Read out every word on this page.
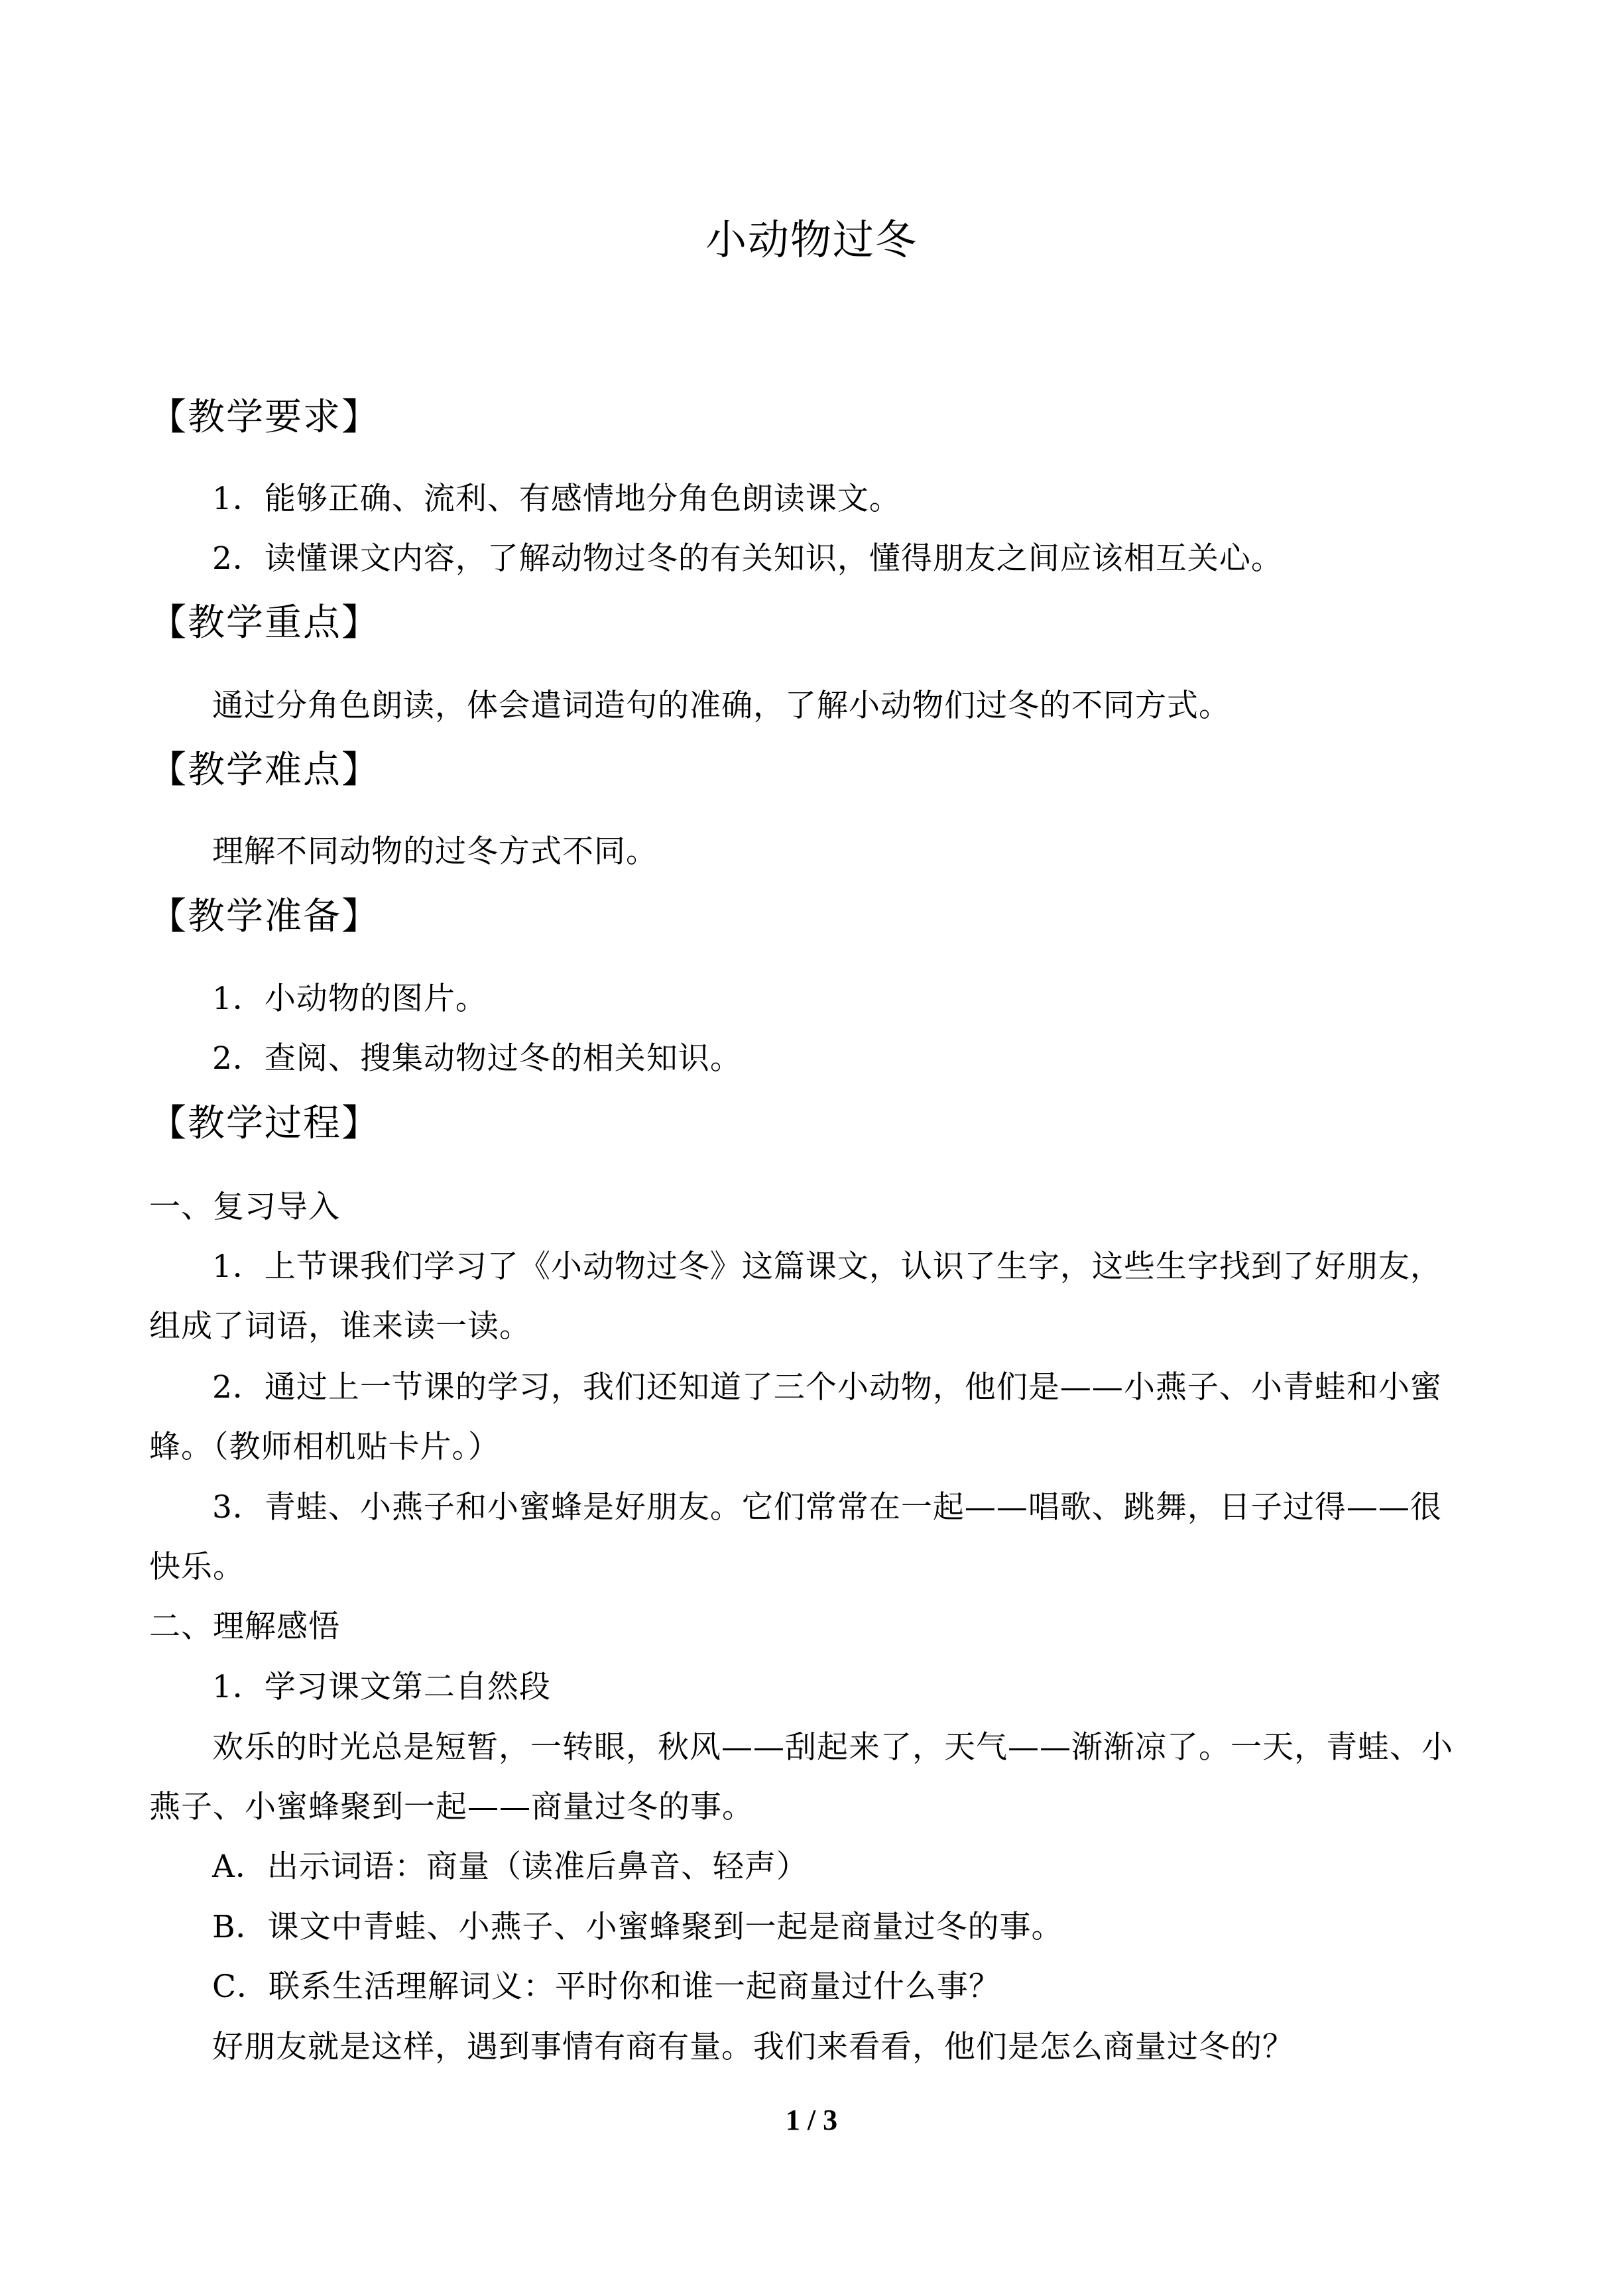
小动物过冬
【教学要求】
1．能够正确、流利、有感情地分角色朗读课文。
2．读懂课文内容，了解动物过冬的有关知识，懂得朋友之间应该相互关心。
【教学重点】
通过分角色朗读，体会遣词造句的准确，了解小动物们过冬的不同方式。
【教学难点】
理解不同动物的过冬方式不同。
【教学准备】
1．小动物的图片。
2．查阅、搜集动物过冬的相关知识。
【教学过程】
一、复习导入
1．上节课我们学习了《小动物过冬》这篇课文，认识了生字，这些生字找到了好朋友，
组成了词语，谁来读一读。
2．通过上一节课的学习，我们还知道了三个小动物，他们是——小燕子、小青蛙和小蜜
蜂。（教师相机贴卡片。）
3．青蛙、小燕子和小蜜蜂是好朋友。它们常常在一起——唱歌、跳舞，日子过得——很
快乐。
二、理解感悟
1．学习课文第二自然段
欢乐的时光总是短暂，一转眼，秋风——刮起来了，天气——渐渐凉了。一天，青蛙、小
燕子、小蜜蜂聚到一起——商量过冬的事。
A．出示词语：商量（读准后鼻音、轻声）
B．课文中青蛙、小燕子、小蜜蜂聚到一起是商量过冬的事。
C．联系生活理解词义：平时你和谁一起商量过什么事？
好朋友就是这样，遇到事情有商有量。我们来看看，他们是怎么商量过冬的？
1 / 3
